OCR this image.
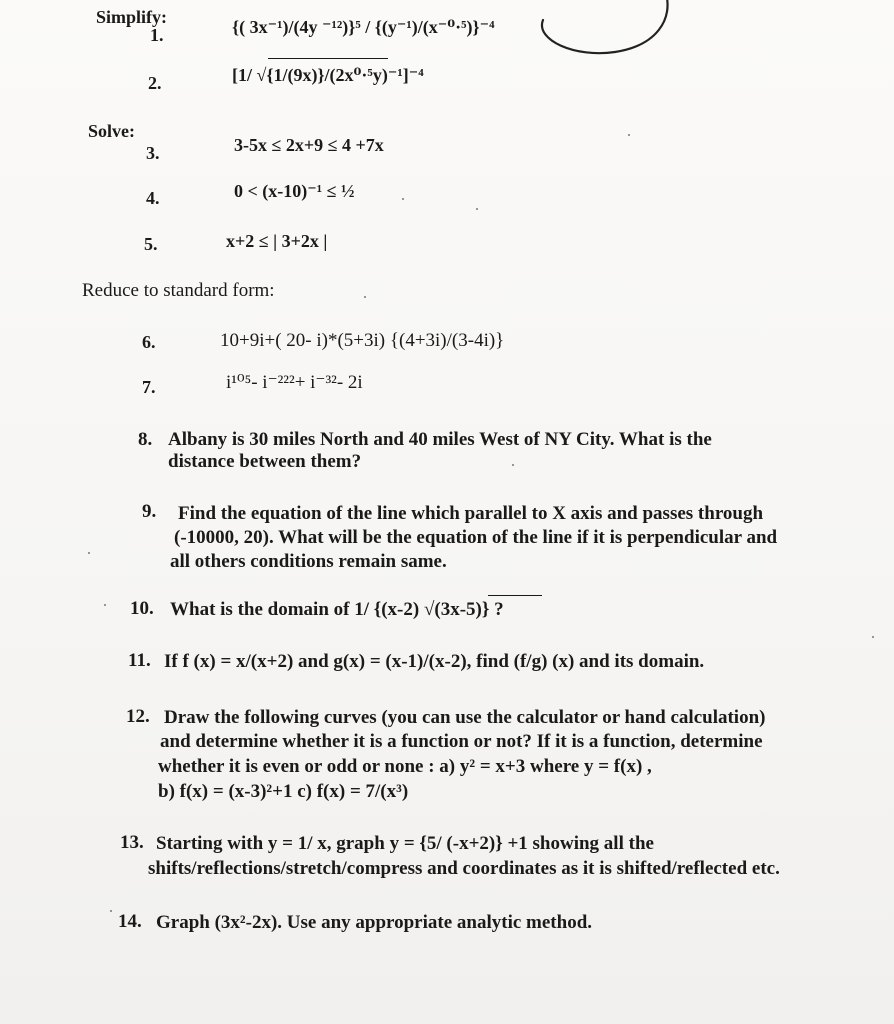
Simplify:
1.	{( 3x⁻¹)/(4y ⁻¹²)}⁵ / {(y⁻¹)/(x⁻⁰·⁵)}⁻⁴
2.	[1/ √{1/(9x)}/(2x⁰·⁵y)⁻¹]⁻⁴
Solve:
3.	3-5x ≤ 2x+9 ≤ 4 +7x
4.	0 < (x-10)⁻¹ ≤ ½
5.	x+2 ≤ | 3+2x |
Reduce to standard form:
6.	10+9i+( 20- i)*(5+3i) {(4+3i)/(3-4i)}
7.	i¹⁰⁵- i⁻²²²+ i⁻³²- 2i
8. Albany is 30 miles North and 40 miles West of NY City. What is the
distance between them?
9. Find the equation of the line which parallel to X axis and passes through
(-10000, 20). What will be the equation of the line if it is perpendicular and
all others conditions remain same.
10. What is the domain of 1/ {(x-2) √(3x-5)} ?
11. If f (x) = x/(x+2) and g(x) = (x-1)/(x-2), find (f/g) (x) and its domain.
12. Draw the following curves (you can use the calculator or hand calculation)
and determine whether it is a function or not? If it is a function, determine
whether it is even or odd or none : a) y² = x+3 where y = f(x) ,
b) f(x) = (x-3)²+1 c) f(x) = 7/(x³)
13. Starting with y = 1/ x, graph y = {5/ (-x+2)} +1 showing all the
shifts/reflections/stretch/compress and coordinates as it is shifted/reflected etc.
14. Graph (3x²-2x). Use any appropriate analytic method.
